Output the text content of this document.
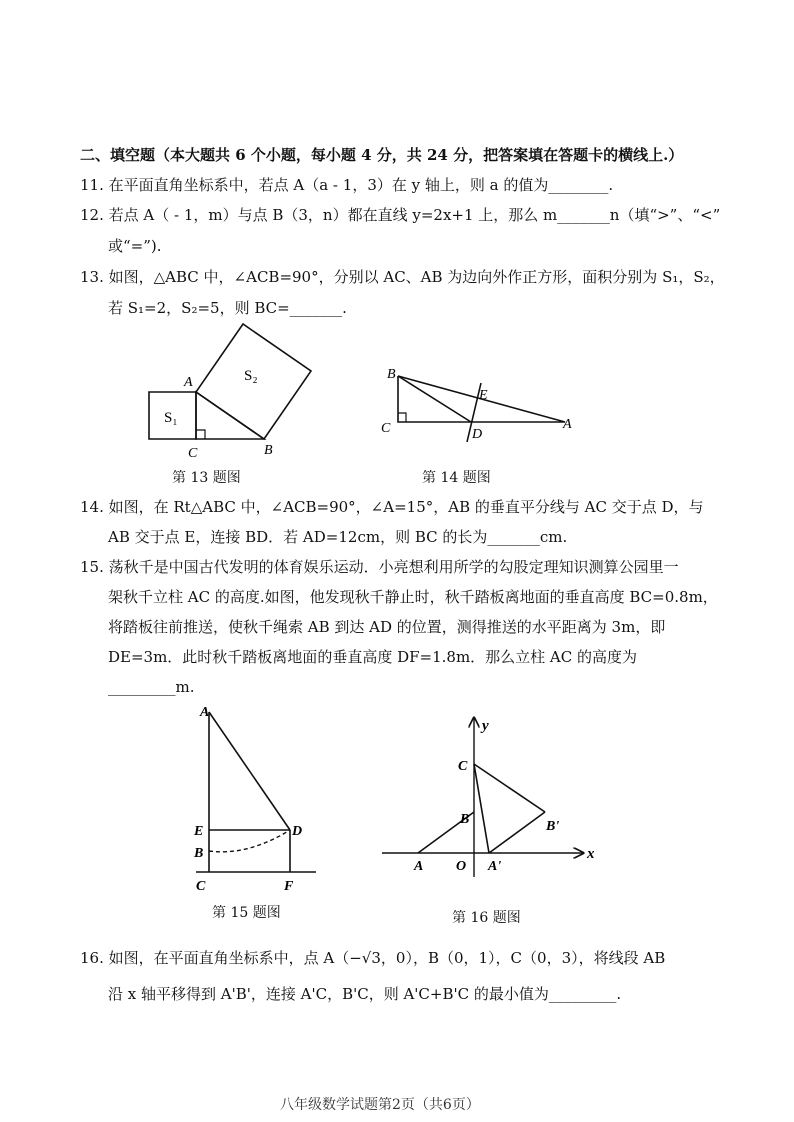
二、填空题（本大题共 6 个小题，每小题 4 分，共 24 分，把答案填在答题卡的横线上.）
11. 在平面直角坐标系中，若点 A（a - 1，3）在 y 轴上，则 a 的值为________.
12. 若点 A（ - 1，m）与点 B（3，n）都在直线 y=2x+1 上，那么 m_______n（填“>”、“<”
或“=”).
13. 如图，△ABC 中，∠ACB=90°，分别以 AC、AB 为边向外作正方形，面积分别为 S₁，S₂，
若 S₁=2，S₂=5，则 BC=_______.
A
C	B
S₁
S₂
第 13 题图
B
C	A
D
E
第 14 题图
14. 如图，在 Rt△ABC 中，∠ACB=90°，∠A=15°，AB 的垂直平分线与 AC 交于点 D，与
AB 交于点 E，连接 BD．若 AD=12cm，则 BC 的长为_______cm.
15. 荡秋千是中国古代发明的体育娱乐运动．小亮想利用所学的勾股定理知识测算公园里一
架秋千立柱 AC 的高度.如图，他发现秋千静止时，秋千踏板离地面的垂直高度 BC=0.8m，
将踏板往前推送，使秋千绳索 AB 到达 AD 的位置，测得推送的水平距离为 3m，即
DE=3m．此时秋千踏板离地面的垂直高度 DF=1.8m．那么立柱 AC 的高度为
_________m.
A
E
B
C
D
F
第 15 题图
y
x
C
B
A O A'
B'
第 16 题图
16. 如图，在平面直角坐标系中，点 A（−√3，0），B（0，1），C（0，3），将线段 AB
沿 x 轴平移得到 A'B'，连接 A'C，B'C，则 A'C+B'C 的最小值为_________.
八年级数学试题第2页（共6页）
